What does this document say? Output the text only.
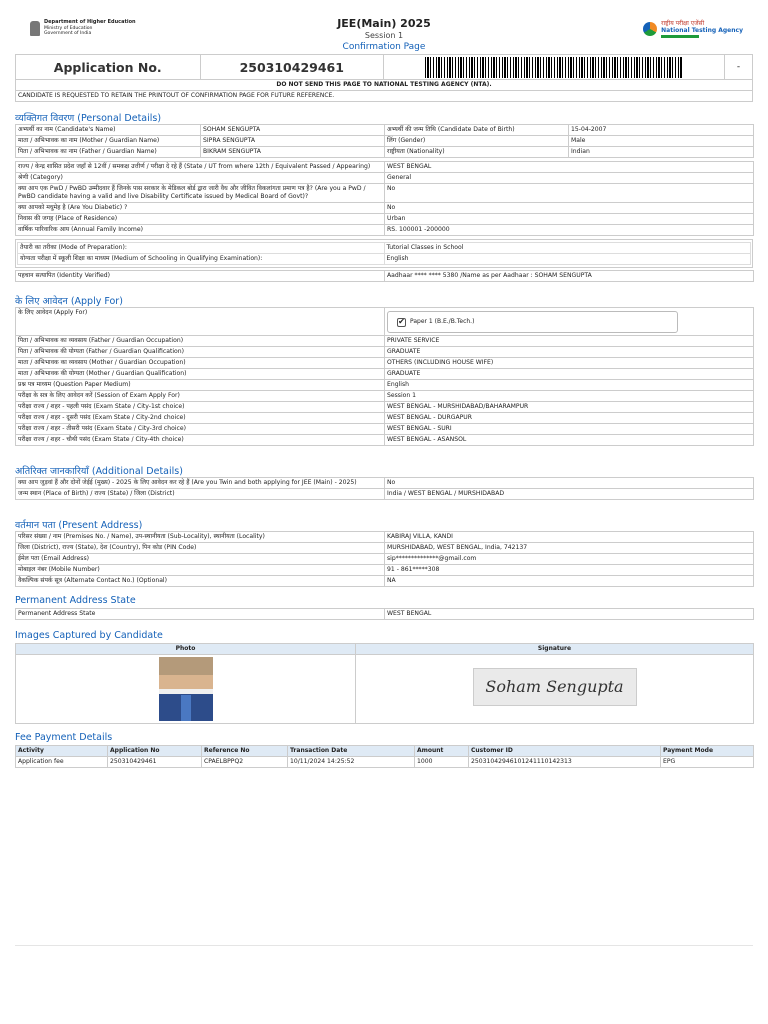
Department of Higher Education
Ministry of Education
Government of India
JEE(Main) 2025
Session 1
Confirmation Page
राष्ट्रीय परीक्षा एजेंसी
National Testing Agency
Application No.	250310429461	-
DO NOT SEND THIS PAGE TO NATIONAL TESTING AGENCY (NTA).
CANDIDATE IS REQUESTED TO RETAIN THE PRINTOUT OF CONFIRMATION PAGE FOR FUTURE REFERENCE.
व्यक्तिगत विवरण (Personal Details)
अभ्यर्थी का नाम (Candidate's Name)	SOHAM SENGUPTA	अभ्यर्थी की जन्म तिथि (Candidate Date of Birth)	15-04-2007
माता / अभिभावक का नाम (Mother / Guardian Name)	SIPRA SENGUPTA	लिंग (Gender)	Male
पिता / अभिभावक का नाम (Father / Guardian Name)	BIKRAM SENGUPTA	राष्ट्रीयता (Nationality)	Indian
राज्य / केन्द्र शासित प्रदेश जहाँ से 12वीं / समकक्ष उत्तीर्ण / परीक्षा दे रहे हैं (State / UT from where 12th / Equivalent Passed / Appearing)	WEST BENGAL
श्रेणी (Category)	General
क्या आप एक PwD / PwBD उम्मीदवार हैं जिनके पास सरकार के मेडिकल बोर्ड द्वारा जारी वैध और जीवित विकलांगता प्रमाण पत्र है? (Are you a PwD / PwBD candidate having a valid and live Disability Certificate issued by Medical Board of Govt)?	No
क्या आपको मधुमेह है (Are You Diabetic) ?	No
निवास की जगह (Place of Residence)	Urban
वार्षिक पारिवारिक आय (Annual Family Income)	RS. 100001 -200000
तैयारी का तरीका (Mode of Preparation):	Tutorial Classes in School
योग्यता परीक्षा में स्कूली शिक्षा का माध्यम (Medium of Schooling in Qualifying Examination):	English
पहचान सत्यापित (Identity Verified)	Aadhaar **** **** 5380 /Name as per Aadhaar : SOHAM SENGUPTA
के लिए आवेदन (Apply For)
के लिए आवेदन (Apply For)	✔ Paper 1 (B.E./B.Tech.)

पिता / अभिभावक का व्यवसाय (Father / Guardian Occupation)	PRIVATE SERVICE
पिता / अभिभावक की योग्यता (Father / Guardian Qualification)	GRADUATE
माता / अभिभावक का व्यवसाय (Mother / Guardian Occupation)	OTHERS (INCLUDING HOUSE WIFE)
माता / अभिभावक की योग्यता (Mother / Guardian Qualification)	GRADUATE
प्रश्न पत्र माध्यम (Question Paper Medium)	English
परीक्षा के सत्र के लिए आवेदन करें (Session of Exam Apply For)	Session 1
परीक्षा राज्य / शहर - पहली पसंद (Exam State / City-1st choice)	WEST BENGAL - MURSHIDABAD/BAHARAMPUR
परीक्षा राज्य / शहर - दूसरी पसंद (Exam State / City-2nd choice)	WEST BENGAL - DURGAPUR
परीक्षा राज्य / शहर - तीसरी पसंद (Exam State / City-3rd choice)	WEST BENGAL - SURI
परीक्षा राज्य / शहर - चौथी पसंद (Exam State / City-4th choice)	WEST BENGAL - ASANSOL
अतिरिक्त जानकारियाँ (Additional Details)
क्या आप जुड़वां हैं और दोनों जेईई (मुख्य) - 2025 के लिए आवेदन कर रहे हैं (Are you Twin and both applying for JEE (Main) - 2025)	No
जन्म स्थान (Place of Birth) / राज्य (State) / जिला (District)	India / WEST BENGAL / MURSHIDABAD
वर्तमान पता (Present Address)
परिसर संख्या / नाम (Premises No. / Name), उप-स्थानीयता (Sub-Locality), स्थानीयता (Locality)	KABIRAJ VILLA, KANDI
जिला (District), राज्य (State), देश (Country), पिन कोड (PIN Code)	MURSHIDABAD, WEST BENGAL, India, 742137
ईमेल पता (Email Address)	sip**************@gmail.com
मोबाइल नंबर (Mobile Number)	91 - 861*****308
वैकल्पिक संपर्क सूत्र (Alternate Contact No.) (Optional)	NA
Permanent Address State
Permanent Address State	WEST BENGAL
Images Captured by Candidate
Photo	Signature

Soham Sengupta
Fee Payment Details
Activity	Application No	Reference No	Transaction Date	Amount	Customer ID	Payment Mode
Application fee	250310429461	CPAELBPPQ2	10/11/2024 14:25:52	1000	25031042946101241110142313	EPG
